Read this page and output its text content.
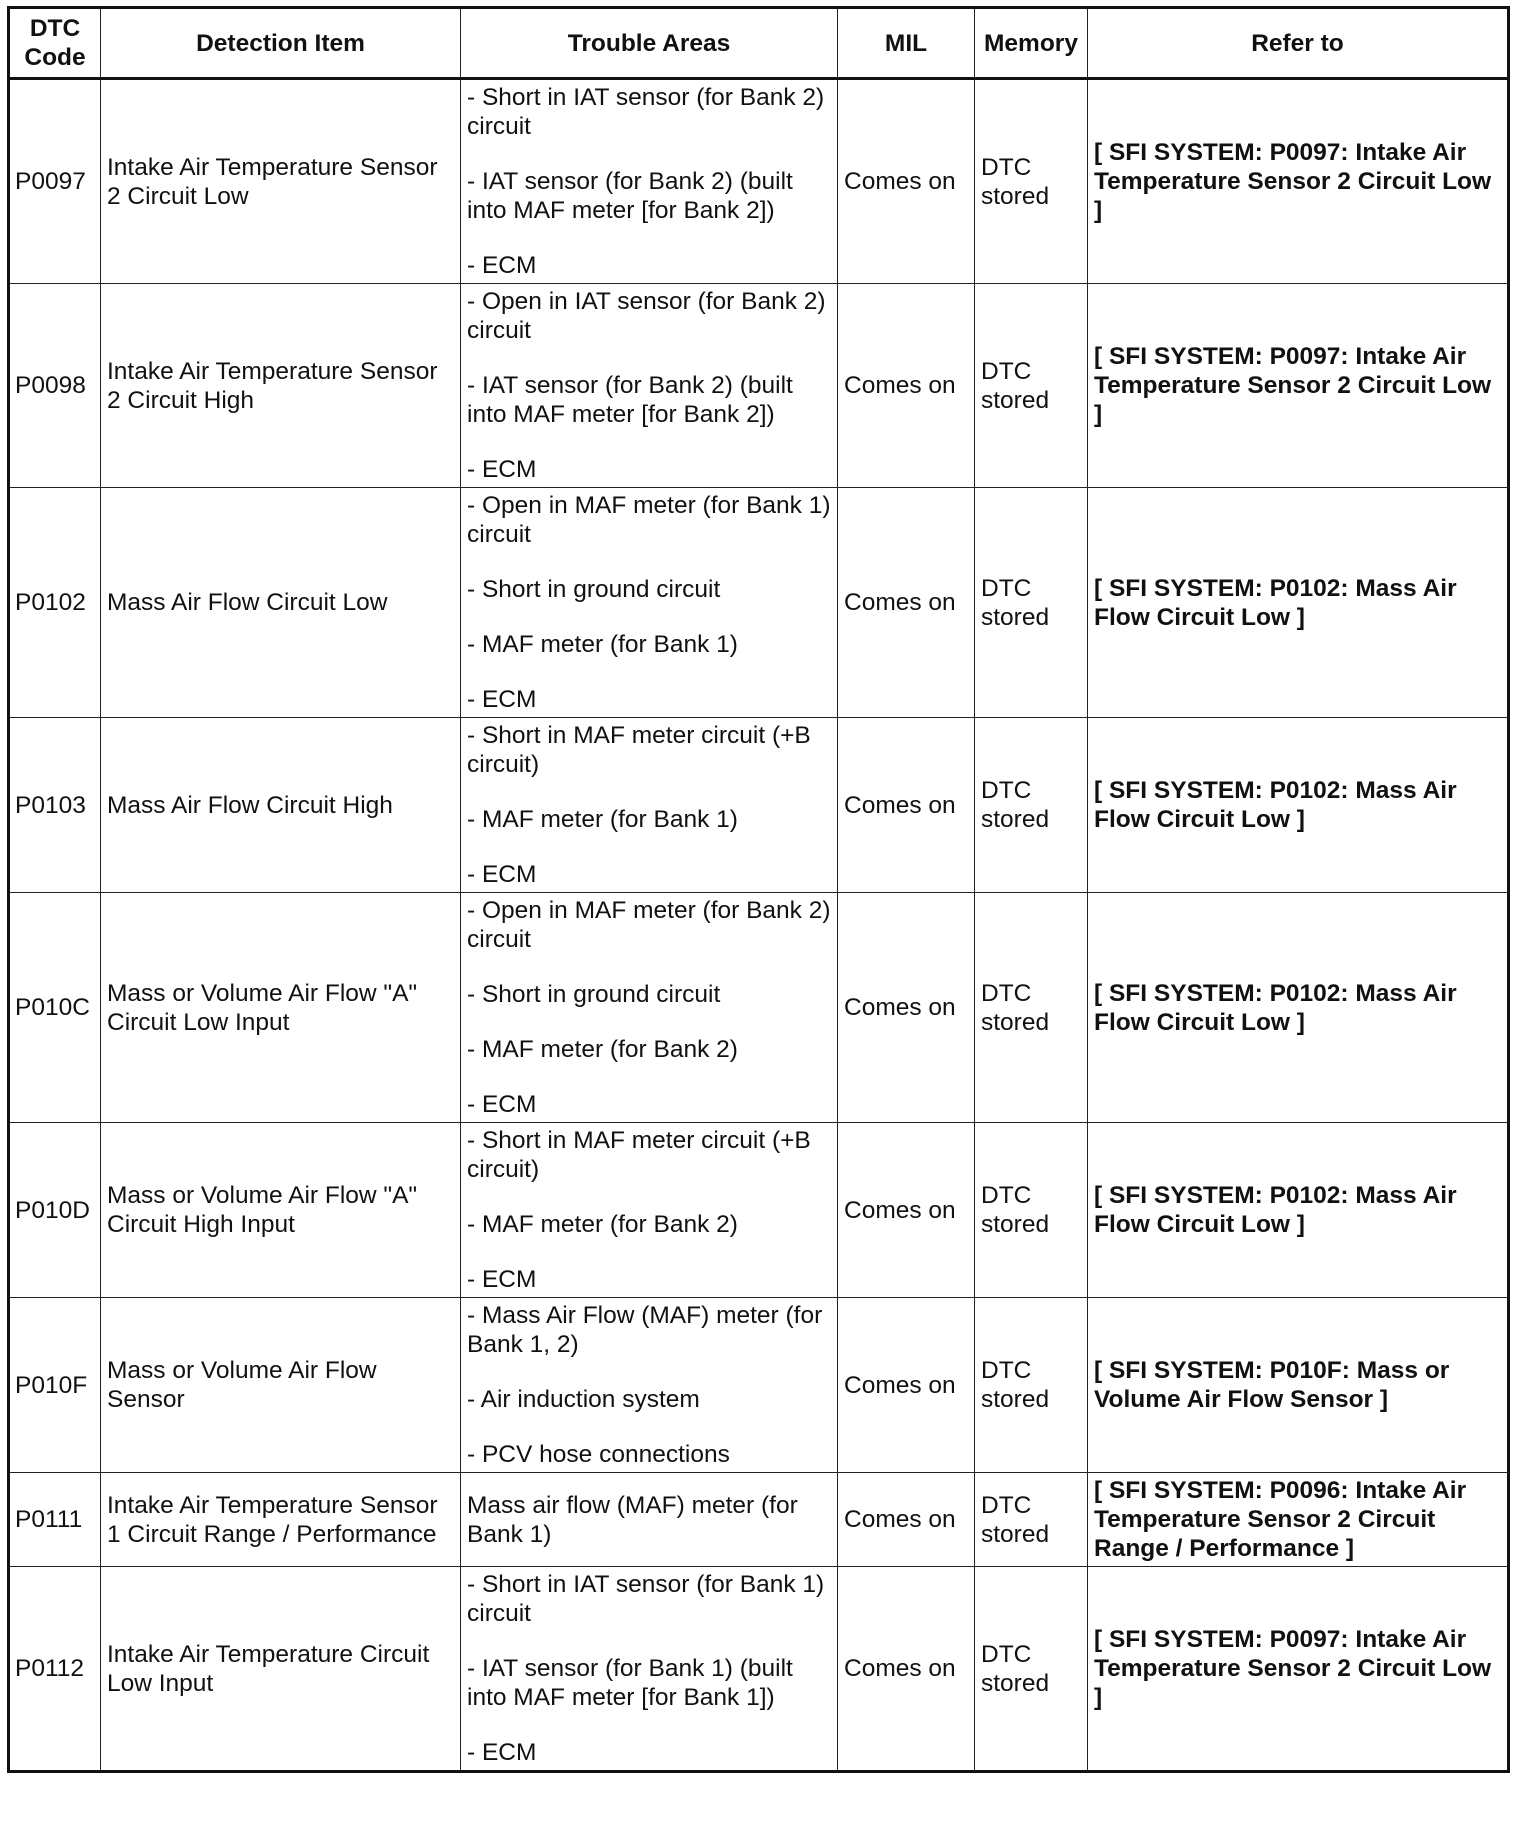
DTC Code	Detection Item	Trouble Areas	MIL	Memory	Refer to
P0097	Intake Air Temperature Sensor 2 Circuit Low	- Short in IAT sensor (for Bank 2) circuit
- IAT sensor (for Bank 2) (built into MAF meter [for Bank 2])
- ECM	Comes on	DTC stored	[ SFI SYSTEM: P0097: Intake Air Temperature Sensor 2 Circuit Low ]
P0098	Intake Air Temperature Sensor 2 Circuit High	- Open in IAT sensor (for Bank 2) circuit
- IAT sensor (for Bank 2) (built into MAF meter [for Bank 2])
- ECM	Comes on	DTC stored	[ SFI SYSTEM: P0097: Intake Air Temperature Sensor 2 Circuit Low ]
P0102	Mass Air Flow Circuit Low	- Open in MAF meter (for Bank 1) circuit
- Short in ground circuit
- MAF meter (for Bank 1)
- ECM	Comes on	DTC stored	[ SFI SYSTEM: P0102: Mass Air Flow Circuit Low ]
P0103	Mass Air Flow Circuit High	- Short in MAF meter circuit (+B circuit)
- MAF meter (for Bank 1)
- ECM	Comes on	DTC stored	[ SFI SYSTEM: P0102: Mass Air Flow Circuit Low ]
P010C	Mass or Volume Air Flow "A" Circuit Low Input	- Open in MAF meter (for Bank 2) circuit
- Short in ground circuit
- MAF meter (for Bank 2)
- ECM	Comes on	DTC stored	[ SFI SYSTEM: P0102: Mass Air Flow Circuit Low ]
P010D	Mass or Volume Air Flow "A" Circuit High Input	- Short in MAF meter circuit (+B circuit)
- MAF meter (for Bank 2)
- ECM	Comes on	DTC stored	[ SFI SYSTEM: P0102: Mass Air Flow Circuit Low ]
P010F	Mass or Volume Air Flow Sensor	- Mass Air Flow (MAF) meter (for Bank 1, 2)
- Air induction system
- PCV hose connections	Comes on	DTC stored	[ SFI SYSTEM: P010F: Mass or Volume Air Flow Sensor ]
P0111	Intake Air Temperature Sensor 1 Circuit Range / Performance	Mass air flow (MAF) meter (for Bank 1)	Comes on	DTC stored	[ SFI SYSTEM: P0096: Intake Air Temperature Sensor 2 Circuit Range / Performance ]
P0112	Intake Air Temperature Circuit Low Input	- Short in IAT sensor (for Bank 1) circuit
- IAT sensor (for Bank 1) (built into MAF meter [for Bank 1])
- ECM	Comes on	DTC stored	[ SFI SYSTEM: P0097: Intake Air Temperature Sensor 2 Circuit Low ]
